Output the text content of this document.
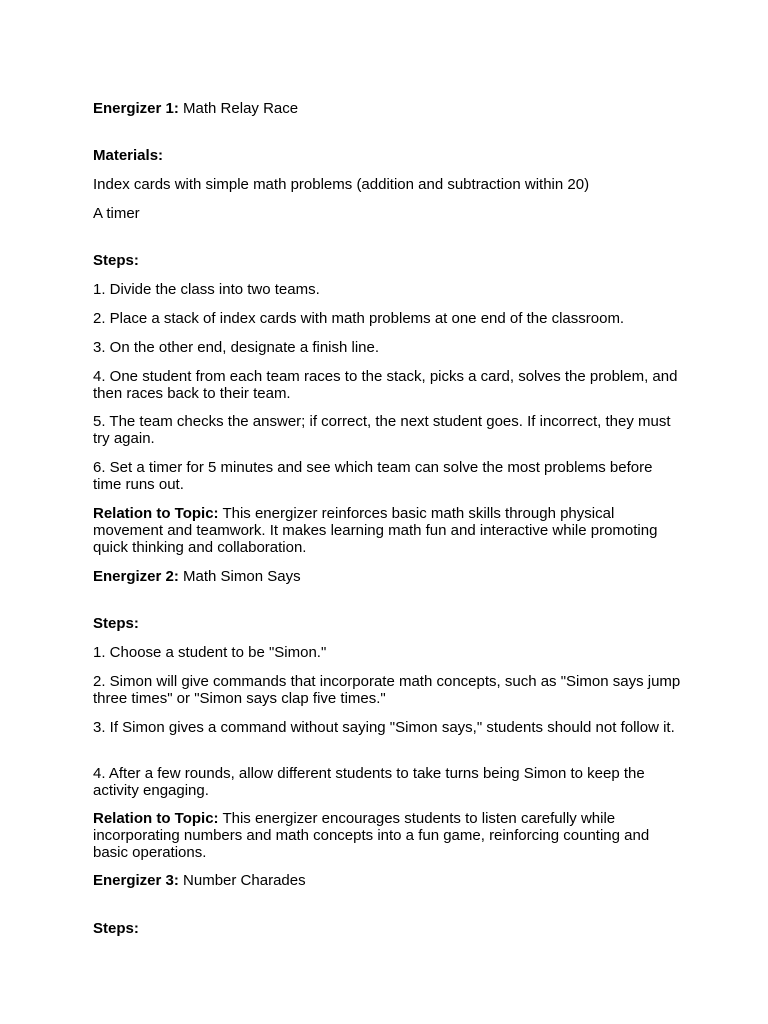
Energizer 1: Math Relay Race

Materials:

Index cards with simple math problems (addition and subtraction within 20)

A timer

Steps:

1. Divide the class into two teams.

2. Place a stack of index cards with math problems at one end of the classroom.

3. On the other end, designate a finish line.

4. One student from each team races to the stack, picks a card, solves the problem, and then races back to their team.

5. The team checks the answer; if correct, the next student goes. If incorrect, they must try again.

6. Set a timer for 5 minutes and see which team can solve the most problems before time runs out.

Relation to Topic: This energizer reinforces basic math skills through physical movement and teamwork. It makes learning math fun and interactive while promoting quick thinking and collaboration.

Energizer 2: Math Simon Says

Steps:

1. Choose a student to be "Simon."

2. Simon will give commands that incorporate math concepts, such as "Simon says jump three times" or "Simon says clap five times."

3. If Simon gives a command without saying "Simon says," students should not follow it.

4. After a few rounds, allow different students to take turns being Simon to keep the activity engaging.

Relation to Topic: This energizer encourages students to listen carefully while incorporating numbers and math concepts into a fun game, reinforcing counting and basic operations.

Energizer 3: Number Charades

Steps:
